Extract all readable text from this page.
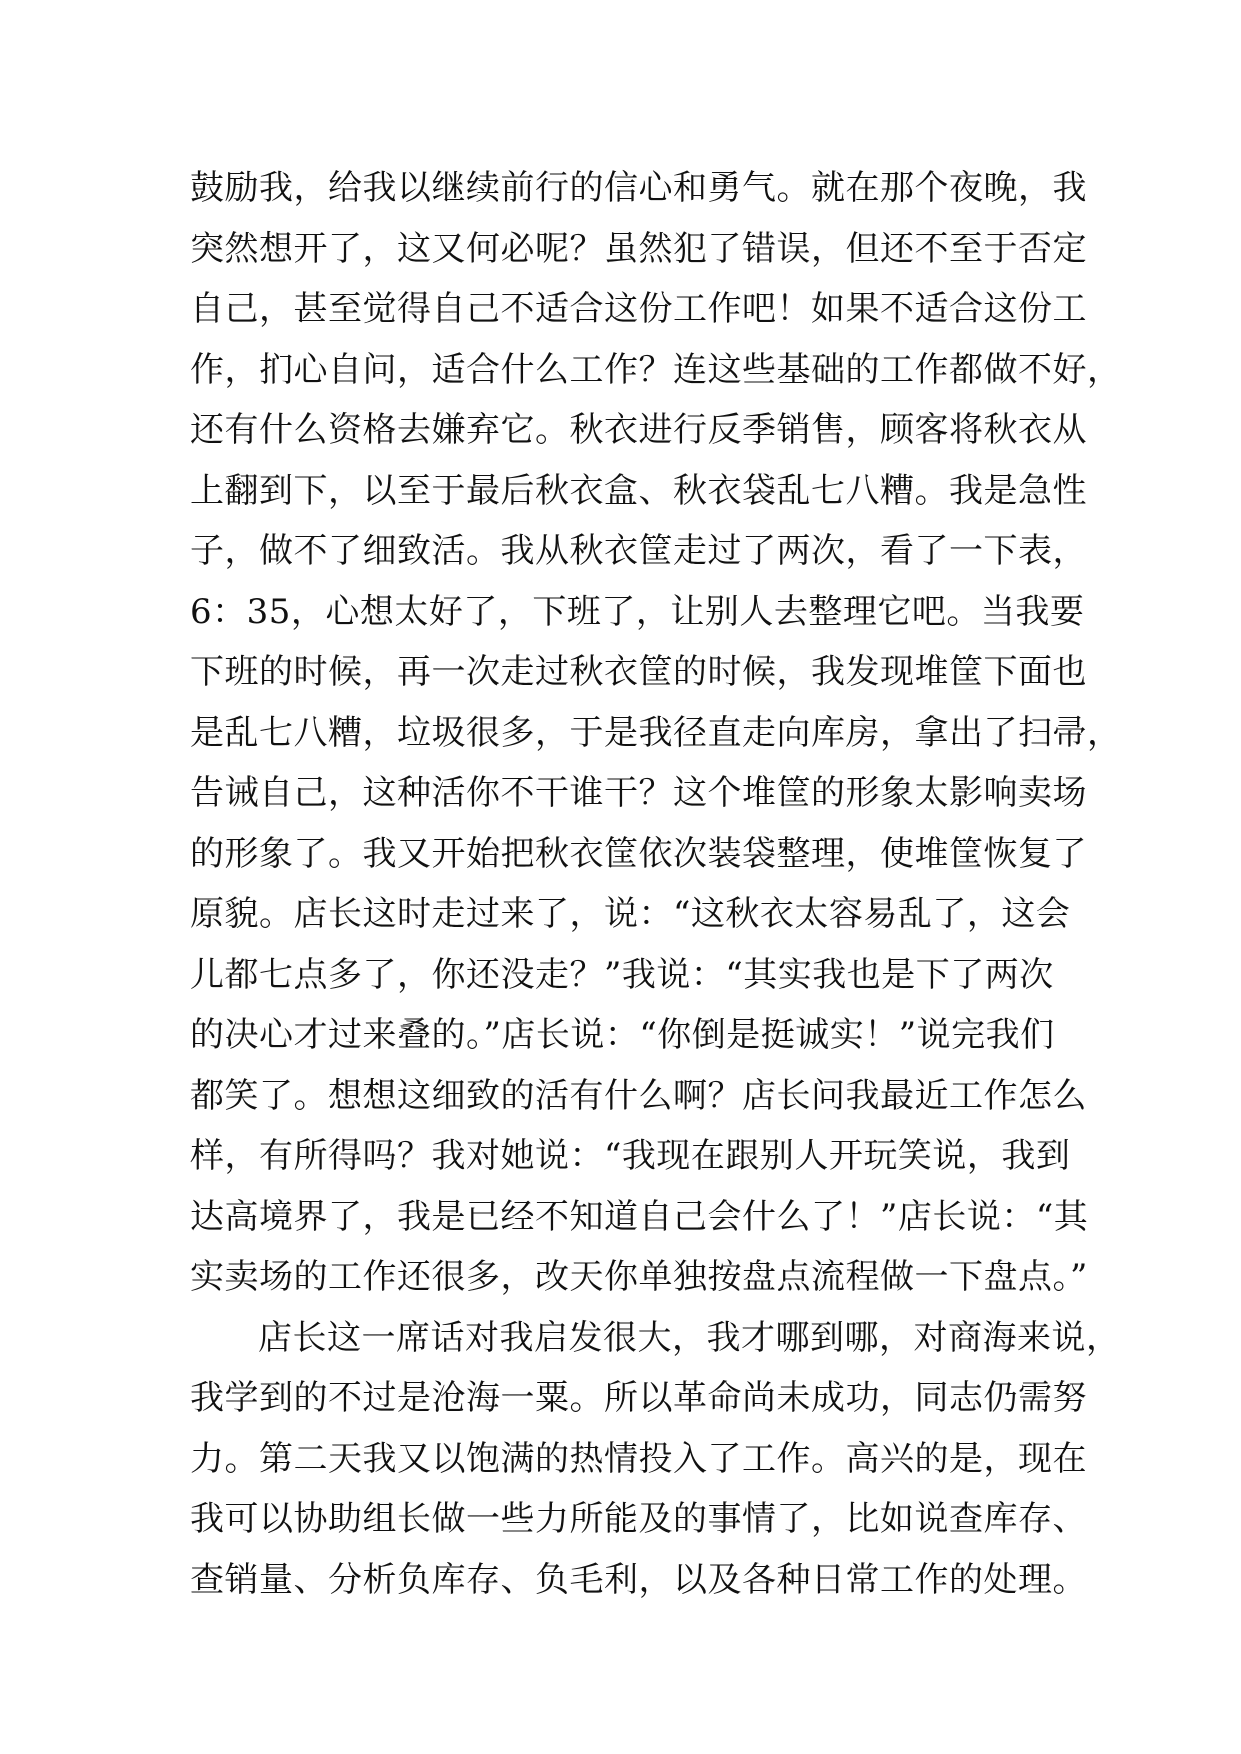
鼓励我，给我以继续前行的信心和勇气。就在那个夜晚，我
突然想开了，这又何必呢？虽然犯了错误，但还不至于否定
自己，甚至觉得自己不适合这份工作吧！如果不适合这份工
作，扪心自问，适合什么工作？连这些基础的工作都做不好，
还有什么资格去嫌弃它。秋衣进行反季销售，顾客将秋衣从
上翻到下，以至于最后秋衣盒、秋衣袋乱七八糟。我是急性
子，做不了细致活。我从秋衣筐走过了两次，看了一下表，
6：35，心想太好了，下班了，让别人去整理它吧。当我要
下班的时候，再一次走过秋衣筐的时候，我发现堆筐下面也
是乱七八糟，垃圾很多，于是我径直走向库房，拿出了扫帚，
告诫自己，这种活你不干谁干？这个堆筐的形象太影响卖场
的形象了。我又开始把秋衣筐依次装袋整理，使堆筐恢复了
原貌。店长这时走过来了，说：“这秋衣太容易乱了，这会
儿都七点多了，你还没走？”我说：“其实我也是下了两次
的决心才过来叠的。”店长说：“你倒是挺诚实！”说完我们
都笑了。想想这细致的活有什么啊？店长问我最近工作怎么
样，有所得吗？我对她说：“我现在跟别人开玩笑说，我到
达高境界了，我是已经不知道自己会什么了！”店长说：“其
实卖场的工作还很多，改天你单独按盘点流程做一下盘点。”
店长这一席话对我启发很大，我才哪到哪，对商海来说，
我学到的不过是沧海一粟。所以革命尚未成功，同志仍需努
力。第二天我又以饱满的热情投入了工作。高兴的是，现在
我可以协助组长做一些力所能及的事情了，比如说查库存、
查销量、分析负库存、负毛利，以及各种日常工作的处理。
